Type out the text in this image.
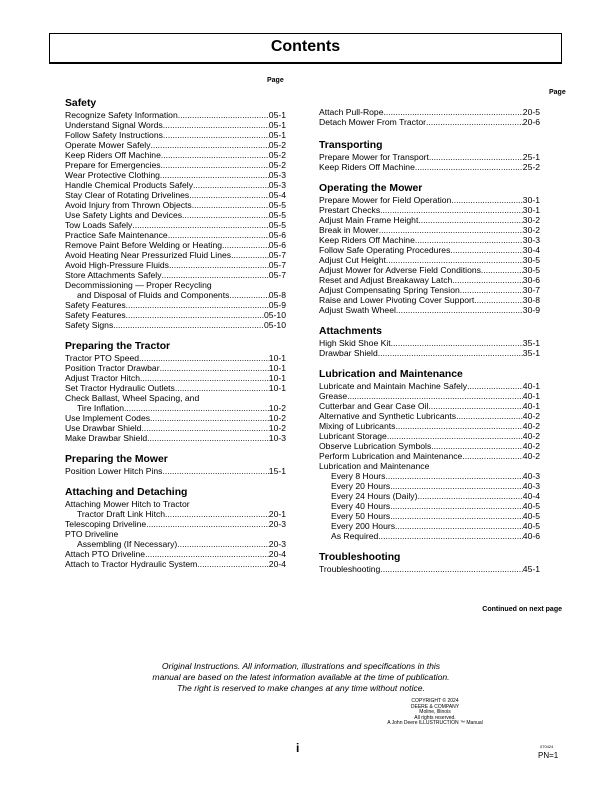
Contents
Page
Page
Safety
Recognize Safety Information .....	05-1
Understand Signal Words .....	05-1
Follow Safety Instructions .....	05-1
Operate Mower Safely .....	05-2
Keep Riders Off Machine .....	05-2
Prepare for Emergencies .....	05-2
Wear Protective Clothing .....	05-3
Handle Chemical Products Safely .....	05-3
Stay Clear of Rotating Drivelines .....	05-4
Avoid Injury from Thrown Objects .....	05-5
Use Safety Lights and Devices .....	05-5
Tow Loads Safely .....	05-5
Practice Safe Maintenance .....	05-6
Remove Paint Before Welding or Heating .....	05-6
Avoid Heating Near Pressurized Fluid Lines .....	05-7
Avoid High-Pressure Fluids .....	05-7
Store Attachments Safely .....	05-7
Decommissioning — Proper Recycling
and Disposal of Fluids and Components .....	05-8
Safety Features .....	05-9
Safety Features .....	05-10
Safety Signs .....	05-10
Preparing the Tractor
Tractor PTO Speed .....	10-1
Position Tractor Drawbar .....	10-1
Adjust Tractor Hitch .....	10-1
Set Tractor Hydraulic Outlets .....	10-1
Check Ballast, Wheel Spacing, and
Tire Inflation .....	10-2
Use Implement Codes .....	10-2
Use Drawbar Shield .....	10-2
Make Drawbar Shield .....	10-3
Preparing the Mower
Position Lower Hitch Pins .....	15-1
Attaching and Detaching
Attaching Mower Hitch to Tractor
Tractor Draft Link Hitch .....	20-1
Telescoping Driveline .....	20-3
PTO Driveline
Assembling (If Necessary) .....	20-3
Attach PTO Driveline .....	20-4
Attach to Tractor Hydraulic System .....	20-4
Attach Pull-Rope .....	20-5
Detach Mower From Tractor .....	20-6
Transporting
Prepare Mower for Transport .....	25-1
Keep Riders Off Machine .....	25-2
Operating the Mower
Prepare Mower for Field Operation .....	30-1
Prestart Checks .....	30-1
Adjust Main Frame Height .....	30-2
Break in Mower .....	30-2
Keep Riders Off Machine .....	30-3
Follow Safe Operating Procedures .....	30-4
Adjust Cut Height .....	30-5
Adjust Mower for Adverse Field Conditions .....	30-5
Reset and Adjust Breakaway Latch .....	30-6
Adjust Compensating Spring Tension .....	30-7
Raise and Lower Pivoting Cover Support .....	30-8
Adjust Swath Wheel .....	30-9
Attachments
High Skid Shoe Kit .....	35-1
Drawbar Shield .....	35-1
Lubrication and Maintenance
Lubricate and Maintain Machine Safely .....	40-1
Grease .....	40-1
Cutterbar and Gear Case Oil .....	40-1
Alternative and Synthetic Lubricants .....	40-2
Mixing of Lubricants .....	40-2
Lubricant Storage .....	40-2
Observe Lubrication Symbols .....	40-2
Perform Lubrication and Maintenance .....	40-2
Lubrication and Maintenance
Every 8 Hours .....	40-3
Every 20 Hours .....	40-3
Every 24 Hours (Daily) .....	40-4
Every 40 Hours .....	40-5
Every 50 Hours .....	40-5
Every 200 Hours .....	40-5
As Required .....	40-6
Troubleshooting
Troubleshooting .....	45-1
Continued on next page
Original Instructions. All information, illustrations and specifications in this
manual are based on the latest information available at the time of publication.
The right is reserved to make changes at any time without notice.
COPYRIGHT © 2024
DEERE & COMPANY
Moline, Illinois
All rights reserved.
A John Deere ILLUSTRUCTION ™ Manual
i	070424
PN=1
